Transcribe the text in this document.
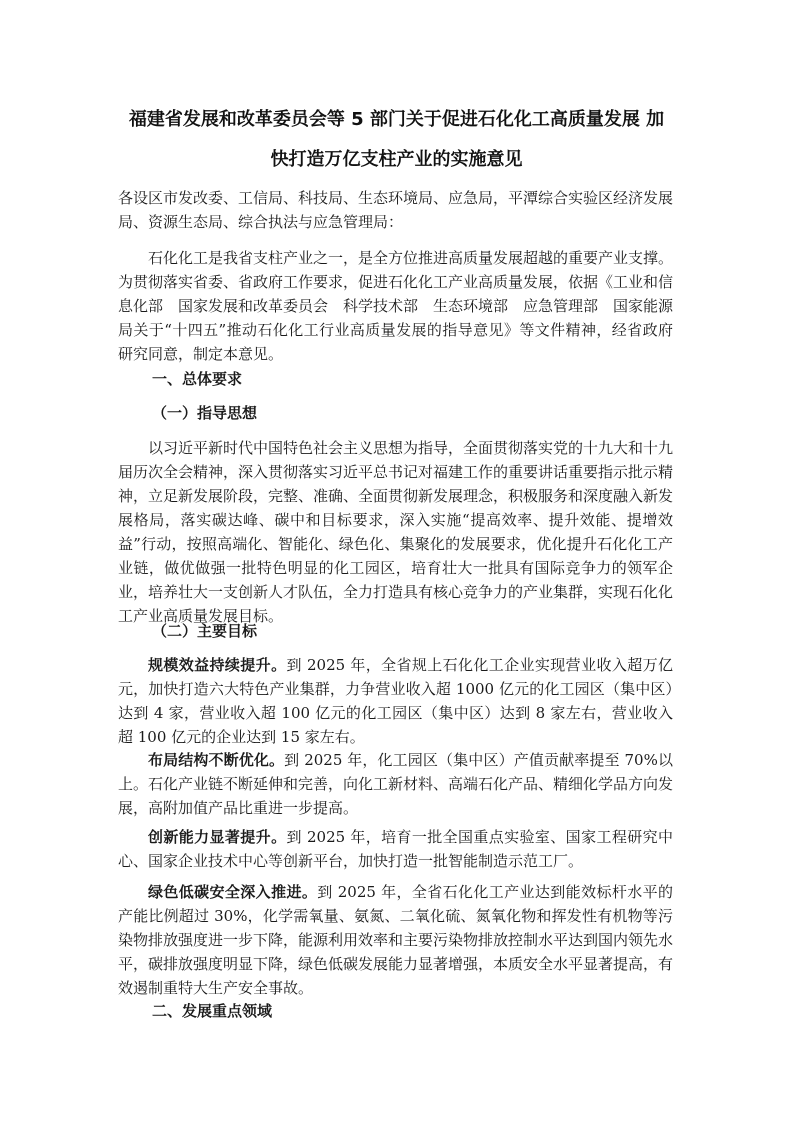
福建省发展和改革委员会等 5 部门关于促进石化化工高质量发展 加
快打造万亿支柱产业的实施意见

各设区市发改委、工信局、科技局、生态环境局、应急局，平潭综合实验区经济发展局、资源生态局、综合执法与应急管理局：

石化化工是我省支柱产业之一，是全方位推进高质量发展超越的重要产业支撑。为贯彻落实省委、省政府工作要求，促进石化化工产业高质量发展，依据《工业和信息化部　国家发展和改革委员会　科学技术部　生态环境部　应急管理部　国家能源局关于“十四五”推动石化化工行业高质量发展的指导意见》等文件精神，经省政府研究同意，制定本意见。

一、总体要求
（一）指导思想

以习近平新时代中国特色社会主义思想为指导，全面贯彻落实党的十九大和十九届历次全会精神，深入贯彻落实习近平总书记对福建工作的重要讲话重要指示批示精神，立足新发展阶段，完整、准确、全面贯彻新发展理念，积极服务和深度融入新发展格局，落实碳达峰、碳中和目标要求，深入实施“提高效率、提升效能、提增效益”行动，按照高端化、智能化、绿色化、集聚化的发展要求，优化提升石化化工产业链，做优做强一批特色明显的化工园区，培育壮大一批具有国际竞争力的领军企业，培养壮大一支创新人才队伍，全力打造具有核心竞争力的产业集群，实现石化化工产业高质量发展目标。

（二）主要目标

规模效益持续提升。到 2025 年，全省规上石化化工企业实现营业收入超万亿元，加快打造六大特色产业集群，力争营业收入超 1000 亿元的化工园区（集中区）达到 4 家，营业收入超 100 亿元的化工园区（集中区）达到 8 家左右，营业收入超 100 亿元的企业达到 15 家左右。

布局结构不断优化。到 2025 年，化工园区（集中区）产值贡献率提至 70%以上。石化产业链不断延伸和完善，向化工新材料、高端石化产品、精细化学品方向发展，高附加值产品比重进一步提高。

创新能力显著提升。到 2025 年，培育一批全国重点实验室、国家工程研究中心、国家企业技术中心等创新平台，加快打造一批智能制造示范工厂。

绿色低碳安全深入推进。到 2025 年，全省石化化工产业达到能效标杆水平的产能比例超过 30%，化学需氧量、氨氮、二氧化硫、氮氧化物和挥发性有机物等污染物排放强度进一步下降，能源利用效率和主要污染物排放控制水平达到国内领先水平，碳排放强度明显下降，绿色低碳发展能力显著增强，本质安全水平显著提高，有效遏制重特大生产安全事故。

二、发展重点领域
